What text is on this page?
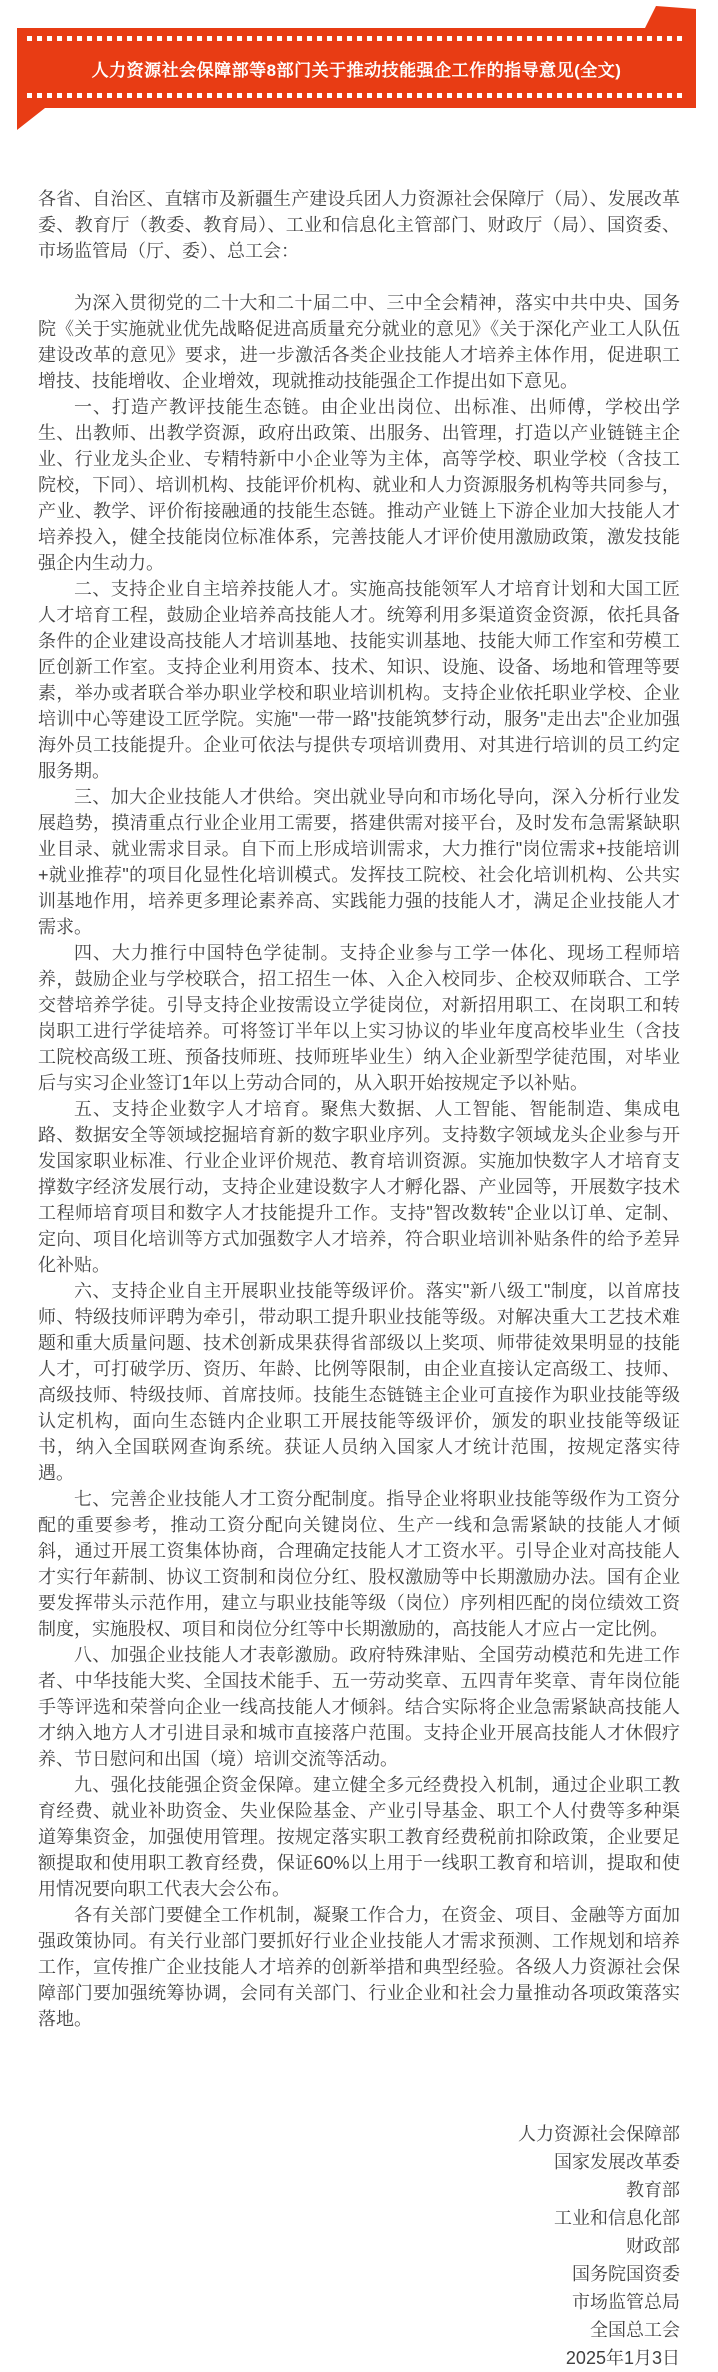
人力资源社会保障部等8部门关于推动技能强企工作的指导意见(全文)

各省、自治区、直辖市及新疆生产建设兵团人力资源社会保障厅（局）、发展改革委、教育厅（教委、教育局）、工业和信息化主管部门、财政厅（局）、国资委、市场监管局（厅、委）、总工会：

为深入贯彻党的二十大和二十届二中、三中全会精神，落实中共中央、国务院《关于实施就业优先战略促进高质量充分就业的意见》《关于深化产业工人队伍建设改革的意见》要求，进一步激活各类企业技能人才培养主体作用，促进职工增技、技能增收、企业增效，现就推动技能强企工作提出如下意见。

一、打造产教评技能生态链。由企业出岗位、出标准、出师傅，学校出学生、出教师、出教学资源，政府出政策、出服务、出管理，打造以产业链链主企业、行业龙头企业、专精特新中小企业等为主体，高等学校、职业学校（含技工院校，下同）、培训机构、技能评价机构、就业和人力资源服务机构等共同参与，产业、教学、评价衔接融通的技能生态链。推动产业链上下游企业加大技能人才培养投入，健全技能岗位标准体系，完善技能人才评价使用激励政策，激发技能强企内生动力。

二、支持企业自主培养技能人才。实施高技能领军人才培育计划和大国工匠人才培育工程，鼓励企业培养高技能人才。统筹利用多渠道资金资源，依托具备条件的企业建设高技能人才培训基地、技能实训基地、技能大师工作室和劳模工匠创新工作室。支持企业利用资本、技术、知识、设施、设备、场地和管理等要素，举办或者联合举办职业学校和职业培训机构。支持企业依托职业学校、企业培训中心等建设工匠学院。实施"一带一路"技能筑梦行动，服务"走出去"企业加强海外员工技能提升。企业可依法与提供专项培训费用、对其进行培训的员工约定服务期。

三、加大企业技能人才供给。突出就业导向和市场化导向，深入分析行业发展趋势，摸清重点行业企业用工需要，搭建供需对接平台，及时发布急需紧缺职业目录、就业需求目录。自下而上形成培训需求，大力推行"岗位需求+技能培训+就业推荐"的项目化显性化培训模式。发挥技工院校、社会化培训机构、公共实训基地作用，培养更多理论素养高、实践能力强的技能人才，满足企业技能人才需求。

四、大力推行中国特色学徒制。支持企业参与工学一体化、现场工程师培养，鼓励企业与学校联合，招工招生一体、入企入校同步、企校双师联合、工学交替培养学徒。引导支持企业按需设立学徒岗位，对新招用职工、在岗职工和转岗职工进行学徒培养。可将签订半年以上实习协议的毕业年度高校毕业生（含技工院校高级工班、预备技师班、技师班毕业生）纳入企业新型学徒范围，对毕业后与实习企业签订1年以上劳动合同的，从入职开始按规定予以补贴。

五、支持企业数字人才培育。聚焦大数据、人工智能、智能制造、集成电路、数据安全等领域挖掘培育新的数字职业序列。支持数字领域龙头企业参与开发国家职业标准、行业企业评价规范、教育培训资源。实施加快数字人才培育支撑数字经济发展行动，支持企业建设数字人才孵化器、产业园等，开展数字技术工程师培育项目和数字人才技能提升工作。支持"智改数转"企业以订单、定制、定向、项目化培训等方式加强数字人才培养，符合职业培训补贴条件的给予差异化补贴。

六、支持企业自主开展职业技能等级评价。落实"新八级工"制度，以首席技师、特级技师评聘为牵引，带动职工提升职业技能等级。对解决重大工艺技术难题和重大质量问题、技术创新成果获得省部级以上奖项、师带徒效果明显的技能人才，可打破学历、资历、年龄、比例等限制，由企业直接认定高级工、技师、高级技师、特级技师、首席技师。技能生态链链主企业可直接作为职业技能等级认定机构，面向生态链内企业职工开展技能等级评价，颁发的职业技能等级证书，纳入全国联网查询系统。获证人员纳入国家人才统计范围，按规定落实待遇。

七、完善企业技能人才工资分配制度。指导企业将职业技能等级作为工资分配的重要参考，推动工资分配向关键岗位、生产一线和急需紧缺的技能人才倾斜，通过开展工资集体协商，合理确定技能人才工资水平。引导企业对高技能人才实行年薪制、协议工资制和岗位分红、股权激励等中长期激励办法。国有企业要发挥带头示范作用，建立与职业技能等级（岗位）序列相匹配的岗位绩效工资制度，实施股权、项目和岗位分红等中长期激励的，高技能人才应占一定比例。

八、加强企业技能人才表彰激励。政府特殊津贴、全国劳动模范和先进工作者、中华技能大奖、全国技术能手、五一劳动奖章、五四青年奖章、青年岗位能手等评选和荣誉向企业一线高技能人才倾斜。结合实际将企业急需紧缺高技能人才纳入地方人才引进目录和城市直接落户范围。支持企业开展高技能人才休假疗养、节日慰问和出国（境）培训交流等活动。

九、强化技能强企资金保障。建立健全多元经费投入机制，通过企业职工教育经费、就业补助资金、失业保险基金、产业引导基金、职工个人付费等多种渠道筹集资金，加强使用管理。按规定落实职工教育经费税前扣除政策，企业要足额提取和使用职工教育经费，保证60%以上用于一线职工教育和培训，提取和使用情况要向职工代表大会公布。

各有关部门要健全工作机制，凝聚工作合力，在资金、项目、金融等方面加强政策协同。有关行业部门要抓好行业企业技能人才需求预测、工作规划和培养工作，宣传推广企业技能人才培养的创新举措和典型经验。各级人力资源社会保障部门要加强统筹协调，会同有关部门、行业企业和社会力量推动各项政策落实落地。

人力资源社会保障部

国家发展改革委

教育部

工业和信息化部

财政部

国务院国资委

市场监管总局

全国总工会

2025年1月3日
